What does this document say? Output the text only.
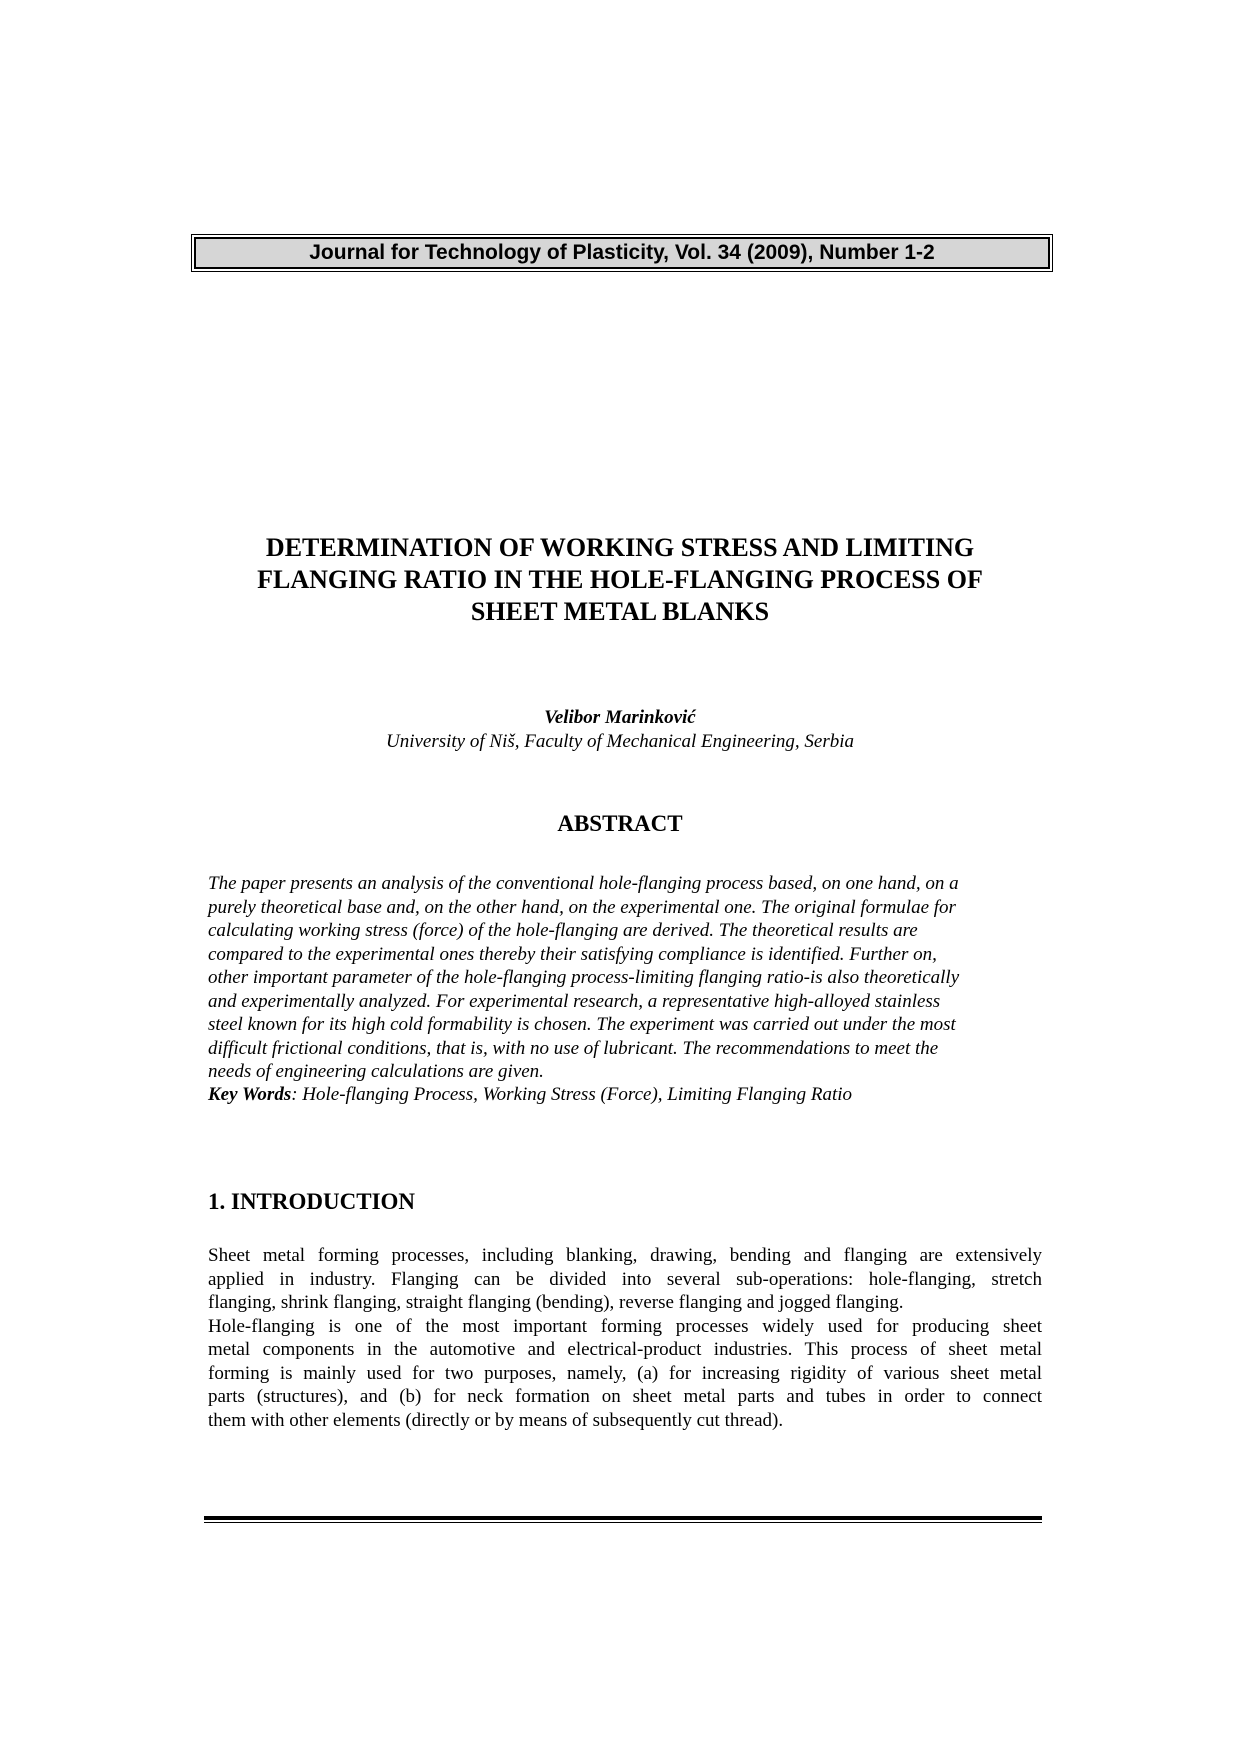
Journal for Technology of Plasticity, Vol. 34 (2009), Number 1-2
DETERMINATION OF WORKING STRESS AND LIMITING
FLANGING RATIO IN THE HOLE-FLANGING PROCESS OF
SHEET METAL BLANKS
Velibor Marinković
University of Niš, Faculty of Mechanical Engineering, Serbia
ABSTRACT

The paper presents an analysis of the conventional hole-flanging process based, on one hand, on a
purely theoretical base and, on the other hand, on the experimental one. The original formulae for
calculating working stress (force) of the hole-flanging are derived. The theoretical results are
compared to the experimental ones thereby their satisfying compliance is identified. Further on,
other important parameter of the hole-flanging process-limiting flanging ratio-is also theoretically
and experimentally analyzed. For experimental research, a representative high-alloyed stainless
steel known for its high cold formability is chosen. The experiment was carried out under the most
difficult frictional conditions, that is, with no use of lubricant. The recommendations to meet the
needs of engineering calculations are given.

Key Words: Hole-flanging Process, Working Stress (Force), Limiting Flanging Ratio
1. INTRODUCTION

Sheet metal forming processes, including blanking, drawing, bending and flanging are extensively
applied in industry. Flanging can be divided into several sub-operations: hole-flanging, stretch
flanging, shrink flanging, straight flanging (bending), reverse flanging and jogged flanging.
Hole-flanging is one of the most important forming processes widely used for producing sheet
metal components in the automotive and electrical-product industries. This process of sheet metal
forming is mainly used for two purposes, namely, (a) for increasing rigidity of various sheet metal
parts (structures), and (b) for neck formation on sheet metal parts and tubes in order to connect
them with other elements (directly or by means of subsequently cut thread).
